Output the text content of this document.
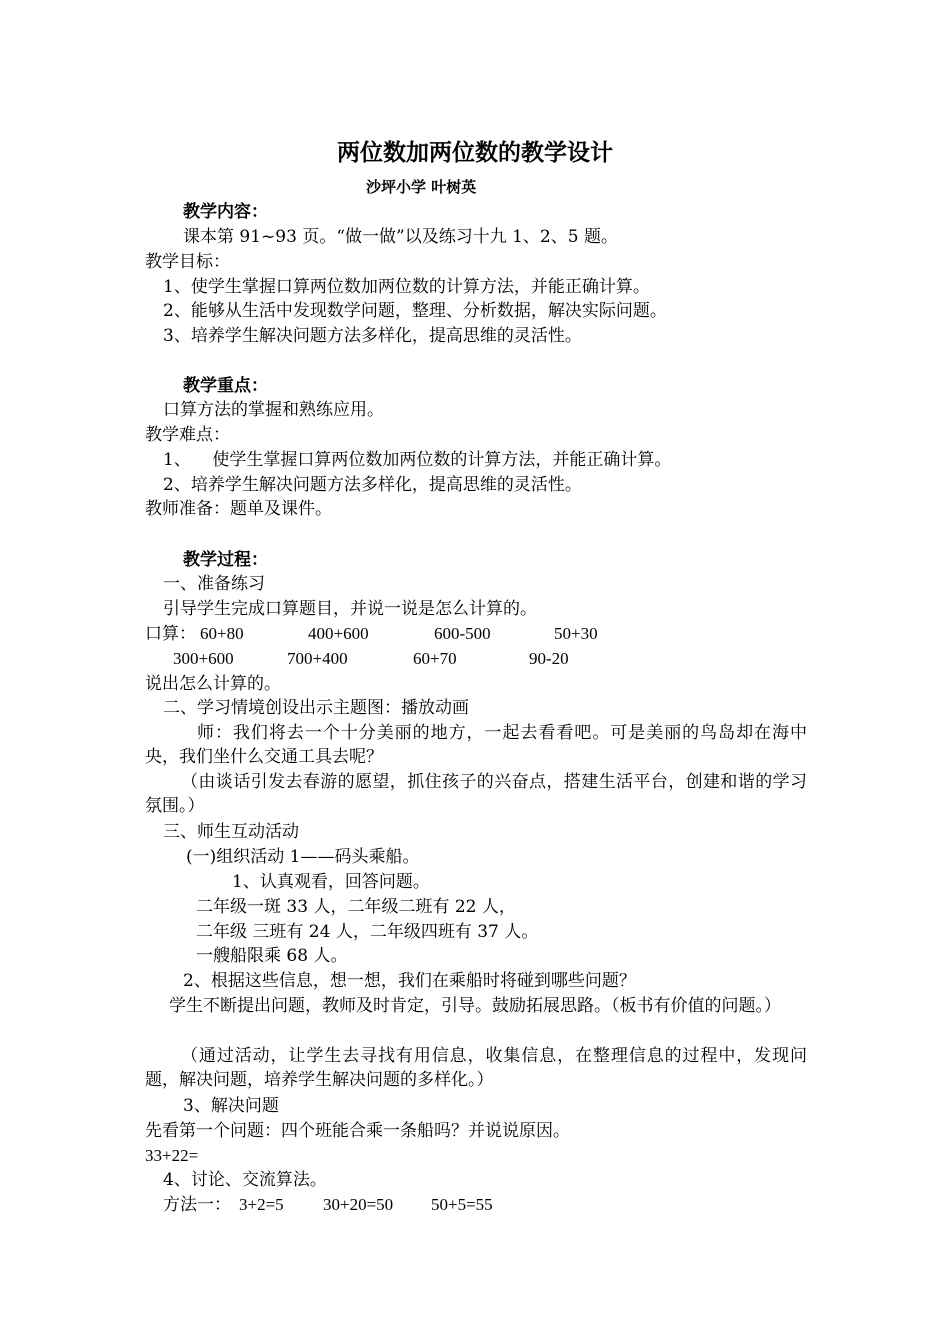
两位数加两位数的教学设计
沙坪小学 叶树英
教学内容：
课本第 91~93 页。“做一做”以及练习十九 1、2、5 题。
教学目标：
1、使学生掌握口算两位数加两位数的计算方法，并能正确计算。
2、能够从生活中发现数学问题，整理、分析数据，解决实际问题。
3、培养学生解决问题方法多样化，提高思维的灵活性。
教学重点：
口算方法的掌握和熟练应用。
教学难点：
1、    使学生掌握口算两位数加两位数的计算方法，并能正确计算。
2、培养学生解决问题方法多样化，提高思维的灵活性。
教师准备：题单及课件。
教学过程：
一、准备练习
引导学生完成口算题目，并说一说是怎么计算的。
口算： 60+80	400+600	600-500	50+30
300+600	700+400	60+70	90-20
说出怎么计算的。
二、学习情境创设出示主题图：播放动画
师：我们将去一个十分美丽的地方，一起去看看吧。可是美丽的鸟岛却在海中央，我们坐什么交通工具去呢？
（由谈话引发去春游的愿望，抓住孩子的兴奋点，搭建生活平台，创建和谐的学习氛围。）
三、师生互动活动
(一)组织活动 1——码头乘船。
1、认真观看，回答问题。
二年级一斑 33 人，二年级二班有 22 人，
二年级 三班有 24 人，二年级四班有 37 人。
一艘船限乘 68 人。
2、根据这些信息，想一想，我们在乘船时将碰到哪些问题？
学生不断提出问题，教师及时肯定，引导。鼓励拓展思路。（板书有价值的问题。）
（通过活动，让学生去寻找有用信息，收集信息，在整理信息的过程中，发现问题，解决问题，培养学生解决问题的多样化。）
3、解决问题
先看第一个问题：四个班能合乘一条船吗？并说说原因。
33+22=
4、讨论、交流算法。
方法一： 3+2=5 30+20=50 50+5=55
